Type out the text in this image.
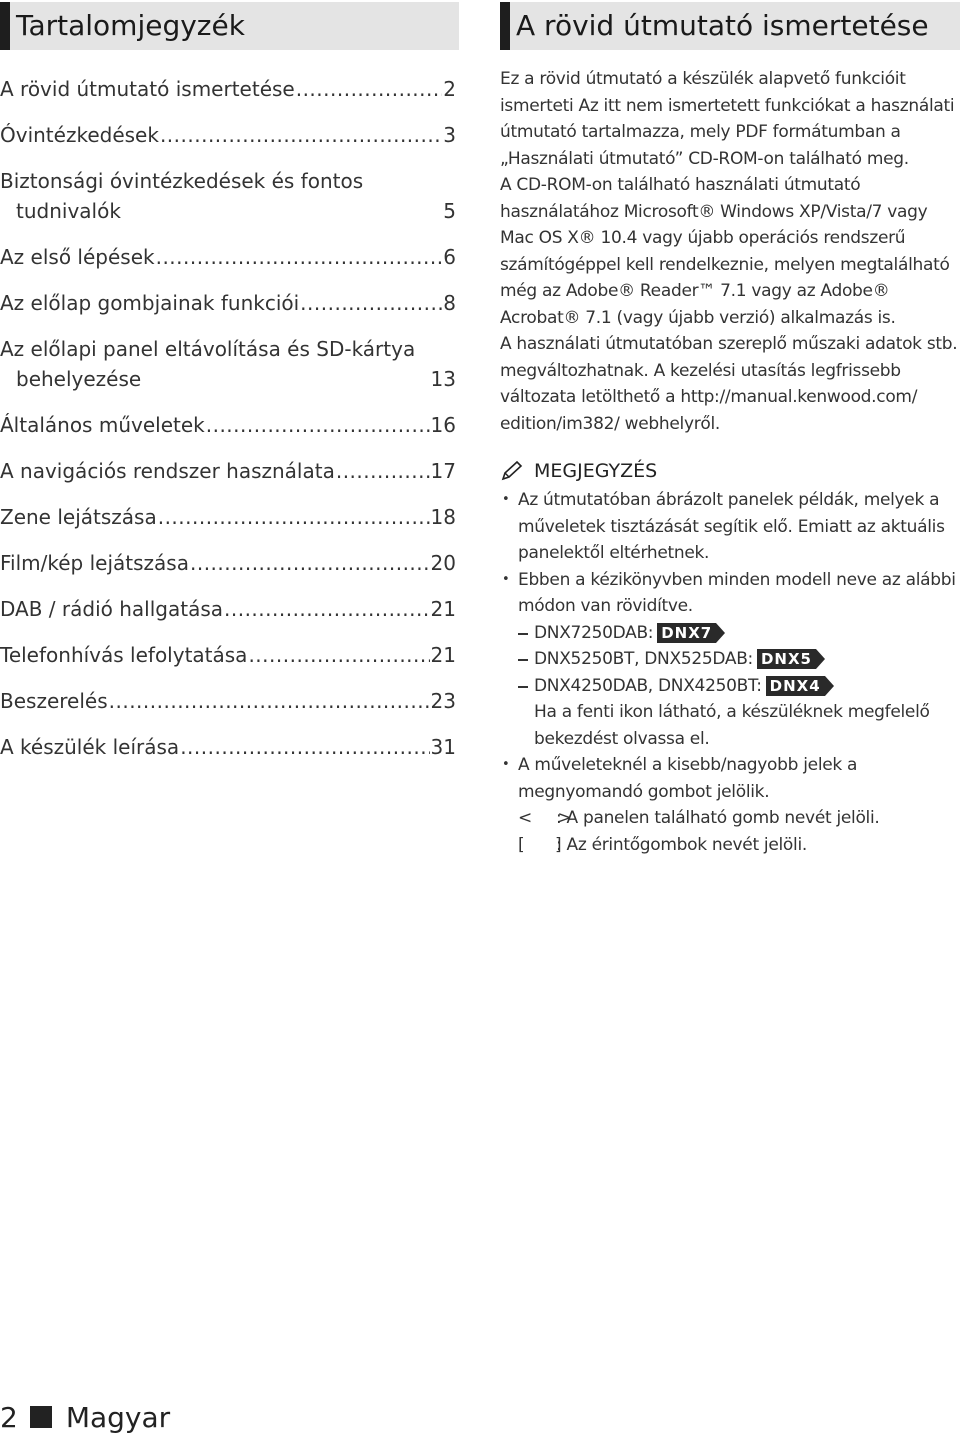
Tartalomjegyzék
A rövid útmutató ismertetése .....	2
Óvintézkedések .....	3
Biztonsági óvintézkedések és fontos
tudnivalók	5
Az első lépések .....	6
Az előlap gombjainak funkciói .....	8
Az előlapi panel eltávolítása és SD-kártya
behelyezése	13
Általános műveletek .....	16
A navigációs rendszer használata .....	17
Zene lejátszása .....	18
Film/kép lejátszása .....	20
DAB / rádió hallgatása .....	21
Telefonhívás lefolytatása .....	21
Beszerelés .....	23
A készülék leírása .....	31
A rövid útmutató ismertetése

Ez a rövid útmutató a készülék alapvető funkcióit ismerteti Az itt nem ismertetett funkciókat a használati útmutató tartalmazza, mely PDF formátumban a „Használati útmutató” CD-ROM-on található meg.

A CD-ROM-on található használati útmutató használatához Microsoft® Windows XP/Vista/7 vagy Mac OS X® 10.4 vagy újabb operációs rendszerű számítógéppel kell rendelkeznie, melyen megtalálható még az Adobe® Reader™ 7.1 vagy az Adobe® Acrobat® 7.1 (vagy újabb verzió) alkalmazás is.

A használati útmutatóban szereplő műszaki adatok stb. megváltozhatnak. A kezelési utasítás legfrissebb változata letölthető a http://manual.kenwood.com/ edition/im382/ webhelyről.

MEGJEGYZÉS
• Az útmutatóban ábrázolt panelek példák, melyek a műveletek tisztázását segítik elő. Emiatt az aktuális panelektől eltérhetnek.
• Ebben a kézikönyvben minden modell neve az alábbi módon van rövidítve.
DNX7250DAB: DNX7
DNX5250BT, DNX525DAB: DNX5
DNX4250DAB, DNX4250BT: DNX4
Ha a fenti ikon látható, a készüléknek megfelelő bekezdést olvassa el.
• A műveleteknél a kisebb/nagyobb jelek a megnyomandó gombot jelölik.
<     >
: A panelen található gomb nevét jelöli.
[      ]
: Az érintőgombok nevét jelöli.
2 Magyar
